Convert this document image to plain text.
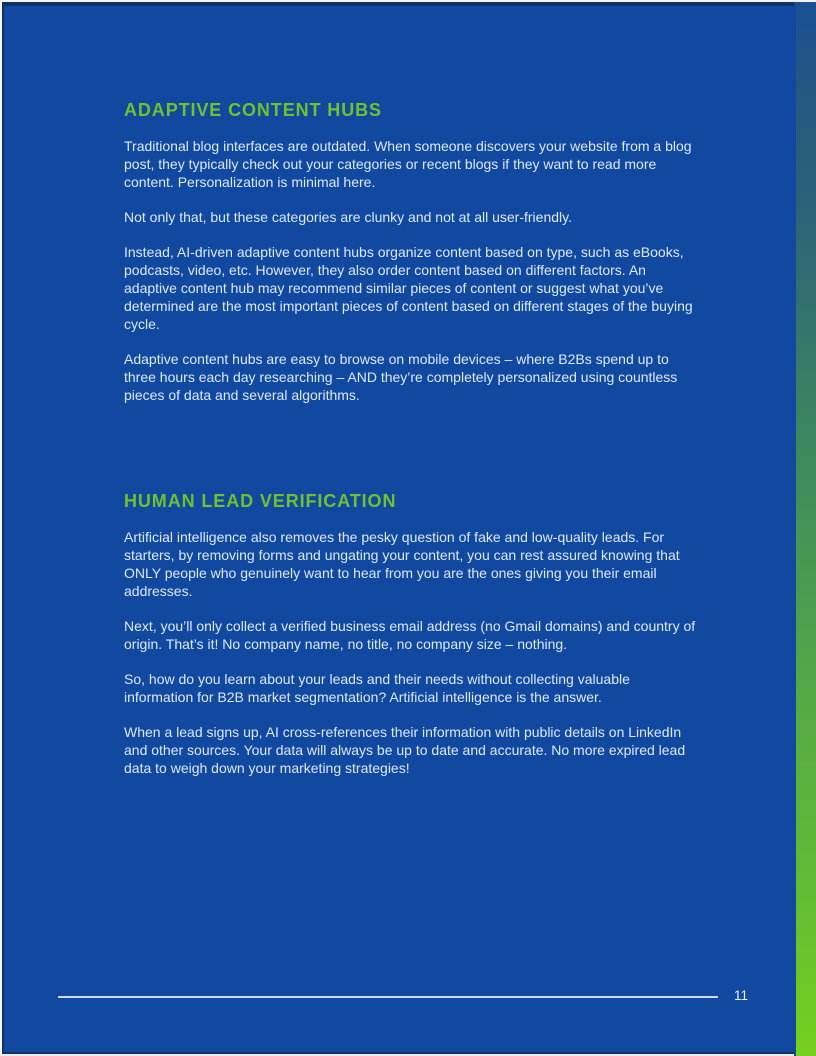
ADAPTIVE CONTENT HUBS

Traditional blog interfaces are outdated. When someone discovers your website from a blog post, they typically check out your categories or recent blogs if they want to read more content. Personalization is minimal here.

Not only that, but these categories are clunky and not at all user-friendly.

Instead, AI-driven adaptive content hubs organize content based on type, such as eBooks, podcasts, video, etc. However, they also order content based on different factors. An adaptive content hub may recommend similar pieces of content or suggest what you’ve determined are the most important pieces of content based on different stages of the buying cycle.

Adaptive content hubs are easy to browse on mobile devices – where B2Bs spend up to three hours each day researching – AND they’re completely personalized using countless pieces of data and several algorithms.

HUMAN LEAD VERIFICATION

Artificial intelligence also removes the pesky question of fake and low-quality leads. For starters, by removing forms and ungating your content, you can rest assured knowing that ONLY people who genuinely want to hear from you are the ones giving you their email addresses.

Next, you’ll only collect a verified business email address (no Gmail domains) and country of origin. That’s it! No company name, no title, no company size – nothing.

So, how do you learn about your leads and their needs without collecting valuable information for B2B market segmentation? Artificial intelligence is the answer.

When a lead signs up, AI cross-references their information with public details on LinkedIn and other sources. Your data will always be up to date and accurate. No more expired lead data to weigh down your marketing strategies!

11
